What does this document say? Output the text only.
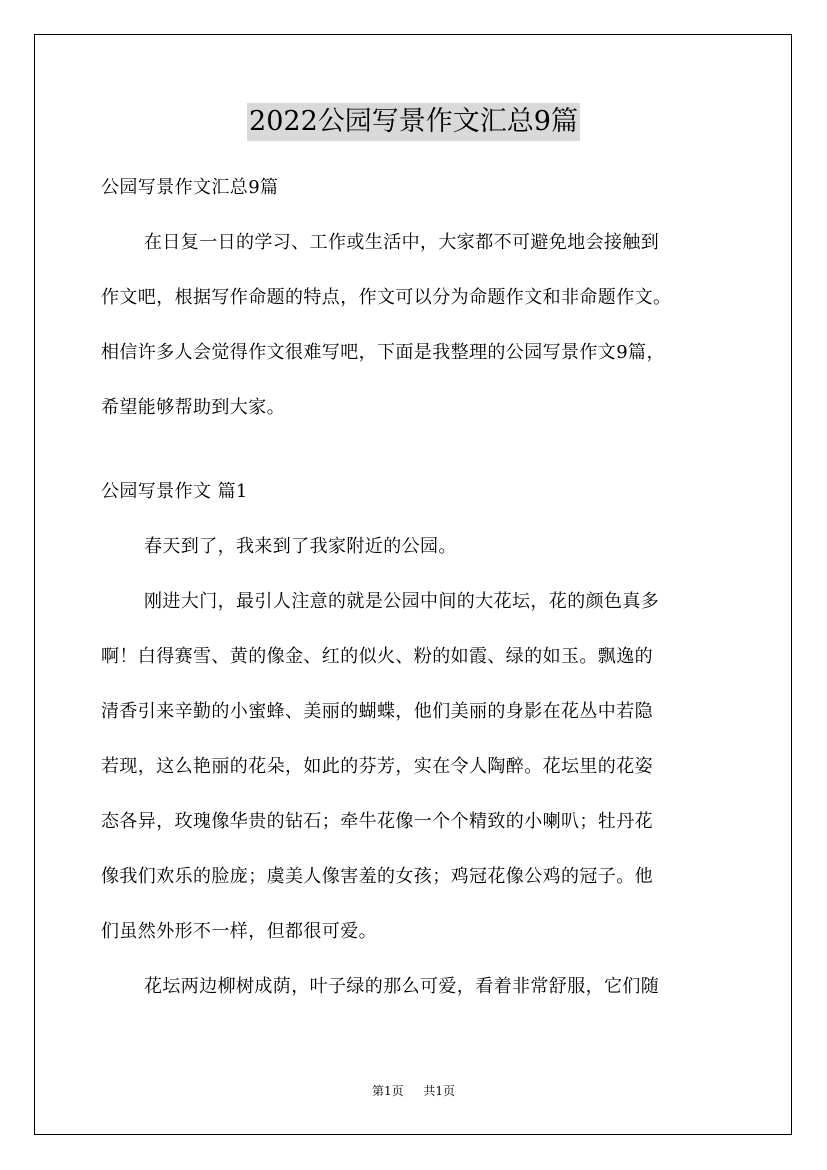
2022公园写景作文汇总9篇
公园写景作文汇总9篇
在日复一日的学习、工作或生活中，大家都不可避免地会接触到
作文吧，根据写作命题的特点，作文可以分为命题作文和非命题作文。
相信许多人会觉得作文很难写吧，下面是我整理的公园写景作文9篇，
希望能够帮助到大家。
公园写景作文 篇1
春天到了，我来到了我家附近的公园。
刚进大门，最引人注意的就是公园中间的大花坛，花的颜色真多
啊！白得赛雪、黄的像金、红的似火、粉的如霞、绿的如玉。飘逸的
清香引来辛勤的小蜜蜂、美丽的蝴蝶，他们美丽的身影在花丛中若隐
若现，这么艳丽的花朵，如此的芬芳，实在令人陶醉。花坛里的花姿
态各异，玫瑰像华贵的钻石；牵牛花像一个个精致的小喇叭；牡丹花
像我们欢乐的脸庞；虞美人像害羞的女孩；鸡冠花像公鸡的冠子。他
们虽然外形不一样，但都很可爱。
花坛两边柳树成荫，叶子绿的那么可爱，看着非常舒服，它们随
第1页 共1页
